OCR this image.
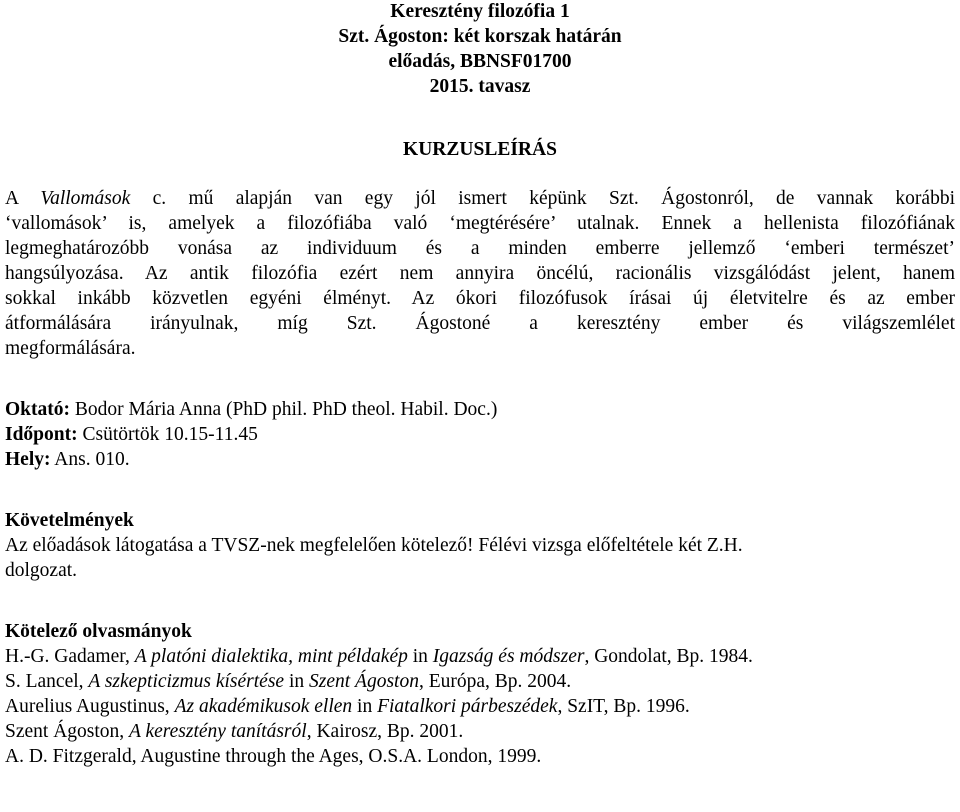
Keresztény filozófia 1
Szt. Ágoston: két korszak határán
előadás, BBNSF01700
2015. tavasz
KURZUSLEÍRÁS
A Vallomások c. mű alapján van egy jól ismert képünk Szt. Ágostonról, de vannak korábbi
‘vallomások’ is, amelyek a filozófiába való ‘megtérésére’ utalnak. Ennek a hellenista filozófiának
legmeghatározóbb vonása az individuum és a minden emberre jellemző ‘emberi természet’
hangsúlyozása. Az antik filozófia ezért nem annyira öncélú, racionális vizsgálódást jelent, hanem
sokkal inkább közvetlen egyéni élményt. Az ókori filozófusok írásai új életvitelre és az ember
átformálására irányulnak, míg Szt. Ágostoné a keresztény ember és világszemlélet
megformálására.
Oktató: Bodor Mária Anna (PhD phil. PhD theol. Habil. Doc.)
Időpont: Csütörtök 10.15-11.45
Hely: Ans. 010.
Követelmények
Az előadások látogatása a TVSZ-nek megfelelően kötelező! Félévi vizsga előfeltétele két Z.H.
dolgozat.
Kötelező olvasmányok
H.-G. Gadamer, A platóni dialektika, mint példakép in Igazság és módszer, Gondolat, Bp. 1984.
S. Lancel, A szkepticizmus kísértése in Szent Ágoston, Európa, Bp. 2004.
Aurelius Augustinus, Az akadémikusok ellen in Fiatalkori párbeszédek, SzIT, Bp. 1996.
Szent Ágoston, A keresztény tanításról, Kairosz, Bp. 2001.
A. D. Fitzgerald, Augustine through the Ages, O.S.A. London, 1999.
